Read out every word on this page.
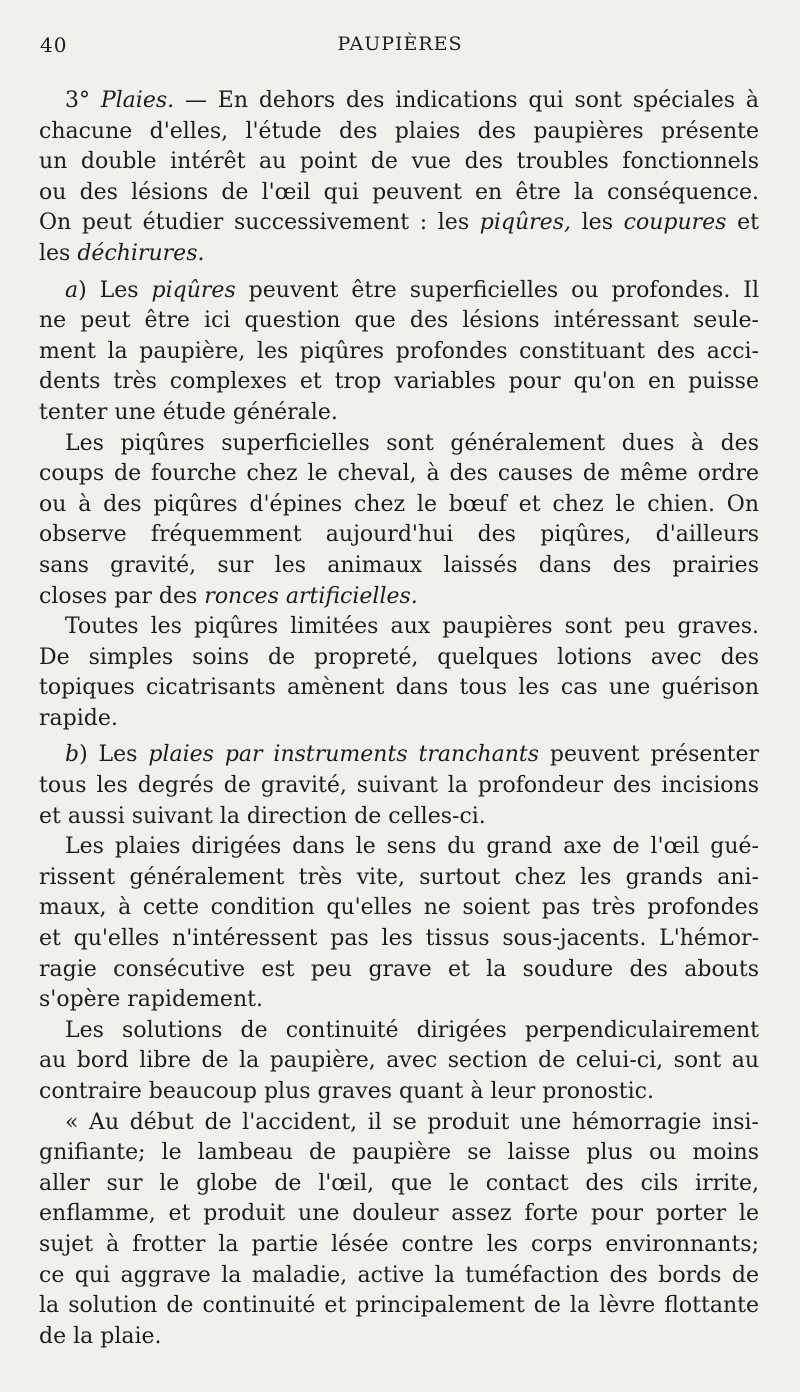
40	PAUPIÈRES
3° Plaies. — En dehors des indications qui sont spéciales à
chacune d'elles, l'étude des plaies des paupières présente
un double intérêt au point de vue des troubles fonctionnels
ou des lésions de l'œil qui peuvent en être la conséquence.
On peut étudier successivement : les piqûres, les coupures et
les déchirures.
a) Les piqûres peuvent être superficielles ou profondes. Il
ne peut être ici question que des lésions intéressant seule-
ment la paupière, les piqûres profondes constituant des acci-
dents très complexes et trop variables pour qu'on en puisse
tenter une étude générale.
Les piqûres superficielles sont généralement dues à des
coups de fourche chez le cheval, à des causes de même ordre
ou à des piqûres d'épines chez le bœuf et chez le chien. On
observe fréquemment aujourd'hui des piqûres, d'ailleurs
sans gravité, sur les animaux laissés dans des prairies
closes par des ronces artificielles.
Toutes les piqûres limitées aux paupières sont peu graves.
De simples soins de propreté, quelques lotions avec des
topiques cicatrisants amènent dans tous les cas une guérison
rapide.
b) Les plaies par instruments tranchants peuvent présenter
tous les degrés de gravité, suivant la profondeur des incisions
et aussi suivant la direction de celles-ci.
Les plaies dirigées dans le sens du grand axe de l'œil gué-
rissent généralement très vite, surtout chez les grands ani-
maux, à cette condition qu'elles ne soient pas très profondes
et qu'elles n'intéressent pas les tissus sous-jacents. L'hémor-
ragie consécutive est peu grave et la soudure des abouts
s'opère rapidement.
Les solutions de continuité dirigées perpendiculairement
au bord libre de la paupière, avec section de celui-ci, sont au
contraire beaucoup plus graves quant à leur pronostic.
« Au début de l'accident, il se produit une hémorragie insi-
gnifiante; le lambeau de paupière se laisse plus ou moins
aller sur le globe de l'œil, que le contact des cils irrite,
enflamme, et produit une douleur assez forte pour porter le
sujet à frotter la partie lésée contre les corps environnants;
ce qui aggrave la maladie, active la tuméfaction des bords de
la solution de continuité et principalement de la lèvre flottante
de la plaie.
